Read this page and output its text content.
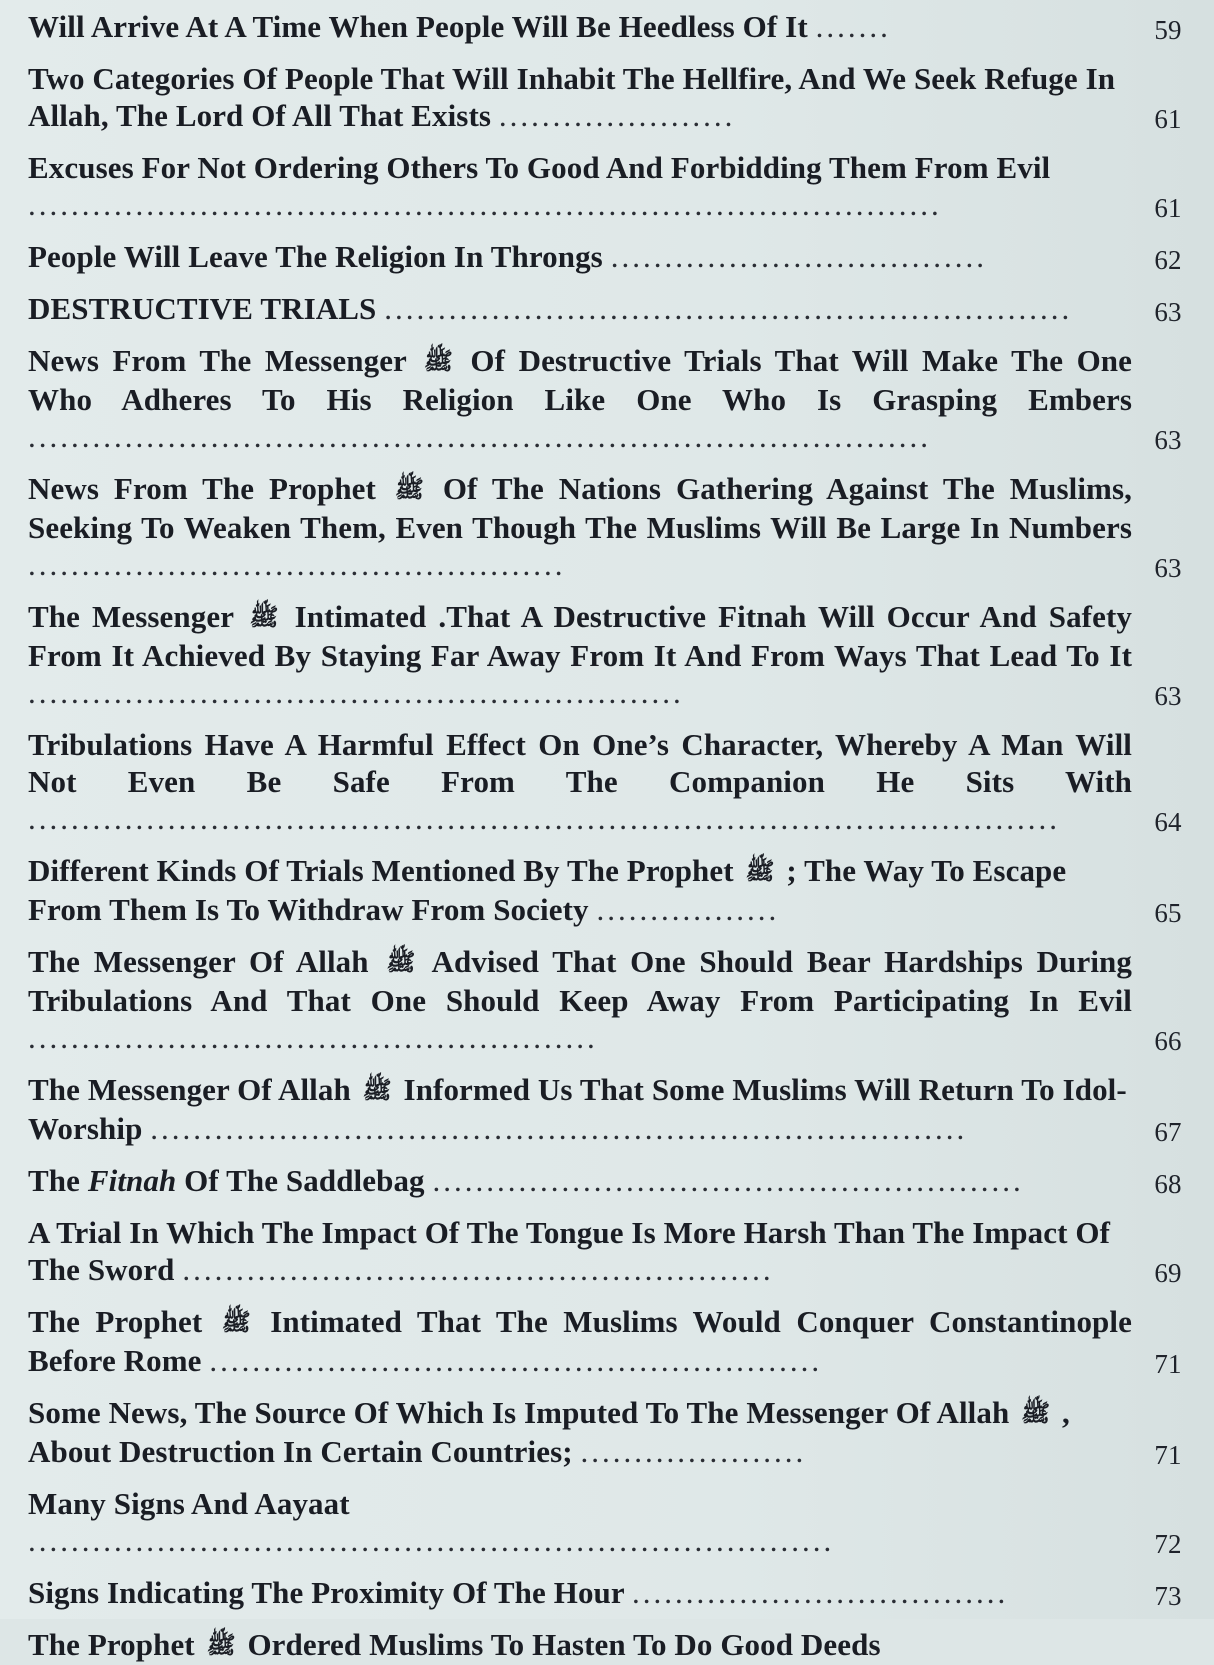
Will Arrive At A Time When People Will Be Heedless Of It .......	59
Two Categories Of People That Will Inhabit The Hellfire, And We Seek Refuge In Allah, The Lord Of All That Exists ......................	61
Excuses For Not Ordering Others To Good And Forbidding Them From Evil .....................................................................................	61
People Will Leave The Religion In Throngs ...................................	62
DESTRUCTIVE TRIALS ................................................................	63
News From The Messenger ﷺ Of Destructive Trials That Will Make The One Who Adheres To His Religion Like One Who Is Grasping Embers ....................................................................................	63
News From The Prophet ﷺ Of The Nations Gathering Against The Muslims, Seeking To Weaken Them, Even Though The Muslims Will Be Large In Numbers ..................................................	63
The Messenger ﷺ Intimated .That A Destructive Fitnah Will Occur And Safety From It Achieved By Staying Far Away From It And From Ways That Lead To It .............................................................	63
Tribulations Have A Harmful Effect On One’s Character, Whereby A Man Will Not Even Be Safe From The Companion He Sits With ................................................................................................	64
Different Kinds Of Trials Mentioned By The Prophet ﷺ ; The Way To Escape From Them Is To Withdraw From Society .................	65
The Messenger Of Allah ﷺ Advised That One Should Bear Hardships During Tribulations And That One Should Keep Away From Participating In Evil .....................................................	66
The Messenger Of Allah ﷺ Informed Us That Some Muslims Will Return To Idol-Worship ............................................................................	67
The Fitnah Of The Saddlebag .......................................................	68
A Trial In Which The Impact Of The Tongue Is More Harsh Than The Impact Of The Sword .......................................................	69
The Prophet ﷺ Intimated That The Muslims Would Conquer Constantinople Before Rome .........................................................	71
Some News, The Source Of Which Is Imputed To The Messenger Of Allah ﷺ , About Destruction In Certain Countries; .....................	71
Many Signs And Aayaat ...........................................................................	72
Signs Indicating The Proximity Of The Hour ...................................	73
The Prophet ﷺ Ordered Muslims To Hasten To Do Good Deeds
